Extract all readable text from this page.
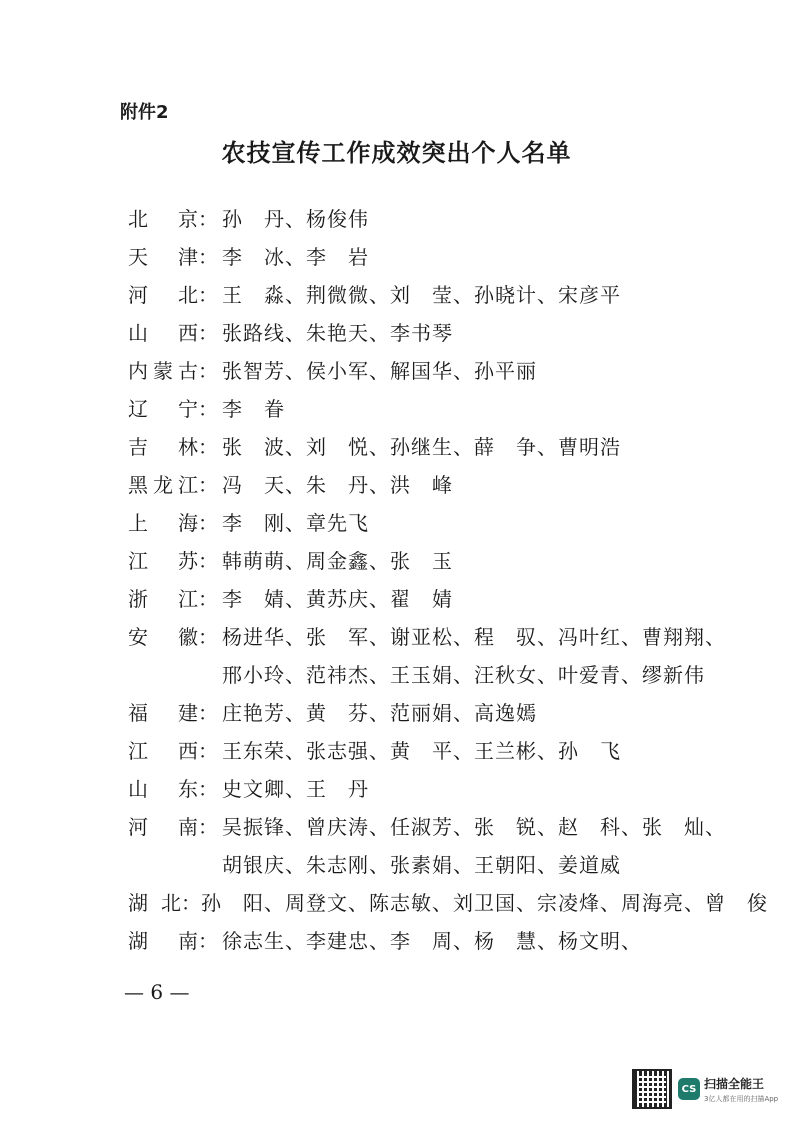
附件2
农技宣传工作成效突出个人名单
北 京 ： 孙　丹、杨俊伟
天 津 ： 李　冰、李　岩
河 北 ： 王　淼、荆微微、刘　莹、孙晓计、宋彦平
山 西 ： 张路线、朱艳天、李书琴
内 蒙 古 ： 张智芳、侯小军、解国华、孙平丽
辽 宁 ： 李　眷
吉 林 ： 张　波、刘　悦、孙继生、薛　争、曹明浩
黑 龙 江 ： 冯　天、朱　丹、洪　峰
上 海 ： 李　刚、章先飞
江 苏 ： 韩萌萌、周金鑫、张　玉
浙 江 ： 李　婧、黄苏庆、翟　婧
安 徽 ： 杨进华、张　军、谢亚松、程　驭、冯叶红、曹翔翔、
邢小玲、范祎杰、王玉娟、汪秋女、叶爱青、缪新伟
福 建 ： 庄艳芳、黄　芬、范丽娟、高逸嫣
江 西 ： 王东荣、张志强、黄　平、王兰彬、孙　飞
山 东 ： 史文卿、王　丹
河 南 ： 吴振锋、曾庆涛、任淑芳、张　锐、赵　科、张　灿、
胡银庆、朱志刚、张素娟、王朝阳、姜道威
湖 北 ： 孙　阳、周登文、陈志敏、刘卫国、宗凌烽、周海亮、曾　俊
湖 南 ： 徐志生、李建忠、李　周、杨　慧、杨文明、
— 6 —
CS 扫描全能王
3亿人都在用的扫描App
